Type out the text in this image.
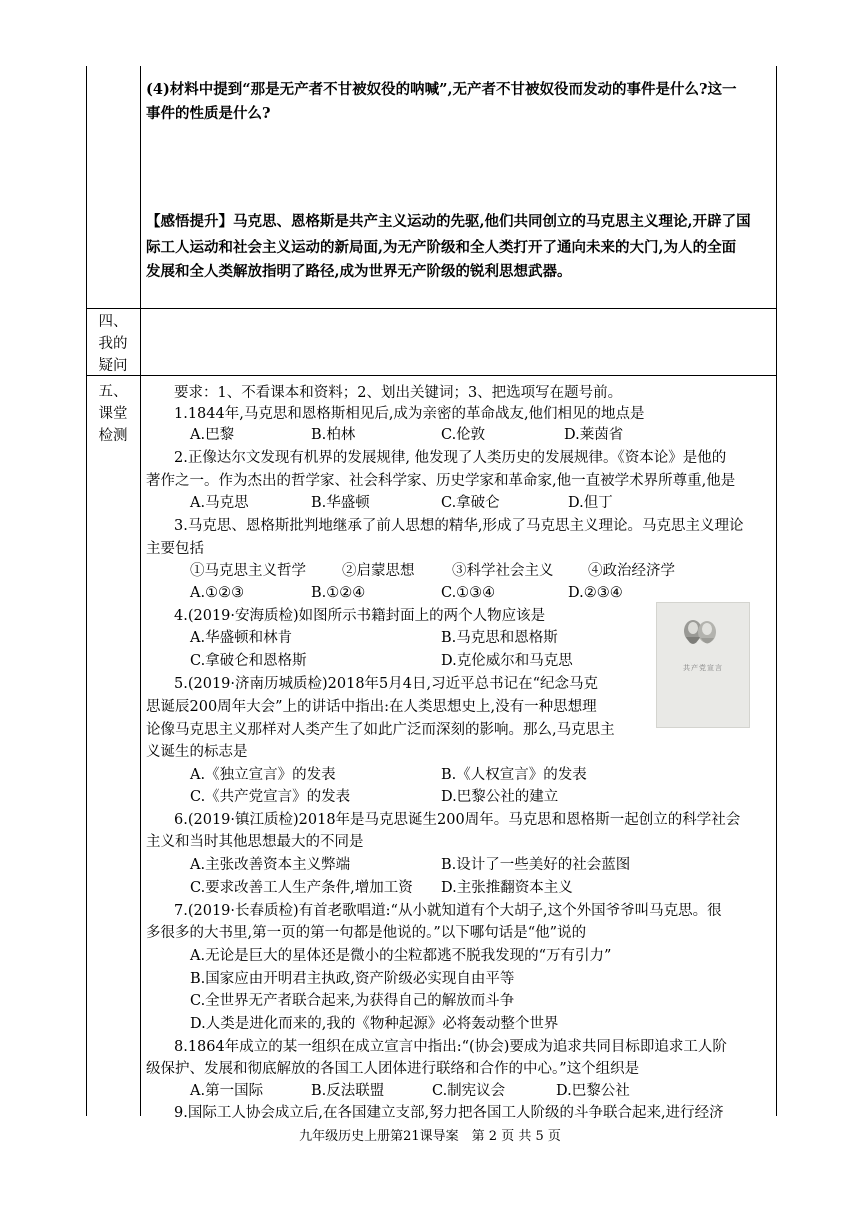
(4)材料中提到“那是无产者不甘被奴役的呐喊”,无产者不甘被奴役而发动的事件是什么?这一
事件的性质是什么?
【感悟提升】马克思、恩格斯是共产主义运动的先驱,他们共同创立的马克思主义理论,开辟了国
际工人运动和社会主义运动的新局面,为无产阶级和全人类打开了通向未来的大门,为人的全面
发展和全人类解放指明了路径,成为世界无产阶级的锐利思想武器。
四、
我的
疑问
五、
课堂
检测
要求：1、不看课本和资料；2、划出关键词；3、把选项写在题号前。
1.1844年,马克思和恩格斯相见后,成为亲密的革命战友,他们相见的地点是
A.巴黎	B.柏林	C.伦敦	D.莱茵省
2.正像达尔文发现有机界的发展规律, 他发现了人类历史的发展规律。《资本论》是他的
著作之一。作为杰出的哲学家、社会科学家、历史学家和革命家,他一直被学术界所尊重,他是
A.马克思	B.华盛顿	C.拿破仑	D.但丁
3.马克思、恩格斯批判地继承了前人思想的精华,形成了马克思主义理论。马克思主义理论
主要包括
①马克思主义哲学 ②启蒙思想	③科学社会主义 ④政治经济学
A.①②③	B.①②④	C.①③④	D.②③④
4.(2019·安海质检)如图所示书籍封面上的两个人物应该是
A.华盛顿和林肯	B.马克思和恩格斯
C.拿破仑和恩格斯	D.克伦威尔和马克思	共产党宣言
5.(2019·济南历城质检)2018年5月4日,习近平总书记在“纪念马克
思诞辰200周年大会”上的讲话中指出:在人类思想史上,没有一种思想理
论像马克思主义那样对人类产生了如此广泛而深刻的影响。那么,马克思主
义诞生的标志是
A.《独立宣言》的发表	B.《人权宣言》的发表
C.《共产党宣言》的发表	D.巴黎公社的建立
6.(2019·镇江质检)2018年是马克思诞生200周年。马克思和恩格斯一起创立的科学社会
主义和当时其他思想最大的不同是
A.主张改善资本主义弊端	B.设计了一些美好的社会蓝图
C.要求改善工人生产条件,增加工资 D.主张推翻资本主义
7.(2019·长春质检)有首老歌唱道:“从小就知道有个大胡子,这个外国爷爷叫马克思。很
多很多的大书里,第一页的第一句都是他说的。”以下哪句话是“他”说的
A.无论是巨大的星体还是微小的尘粒都逃不脱我发现的“万有引力”
B.国家应由开明君主执政,资产阶级必实现自由平等
C.全世界无产者联合起来,为获得自己的解放而斗争
D.人类是进化而来的,我的《物种起源》必将轰动整个世界
8.1864年成立的某一组织在成立宣言中指出:“(协会)要成为追求共同目标即追求工人阶
级保护、发展和彻底解放的各国工人团体进行联络和合作的中心。”这个组织是
A.第一国际	B.反法联盟	C.制宪议会	D.巴黎公社
9.国际工人协会成立后,在各国建立支部,努力把各国工人阶级的斗争联合起来,进行经济
九年级历史上册第21课导案　第 2 页 共 5 页
